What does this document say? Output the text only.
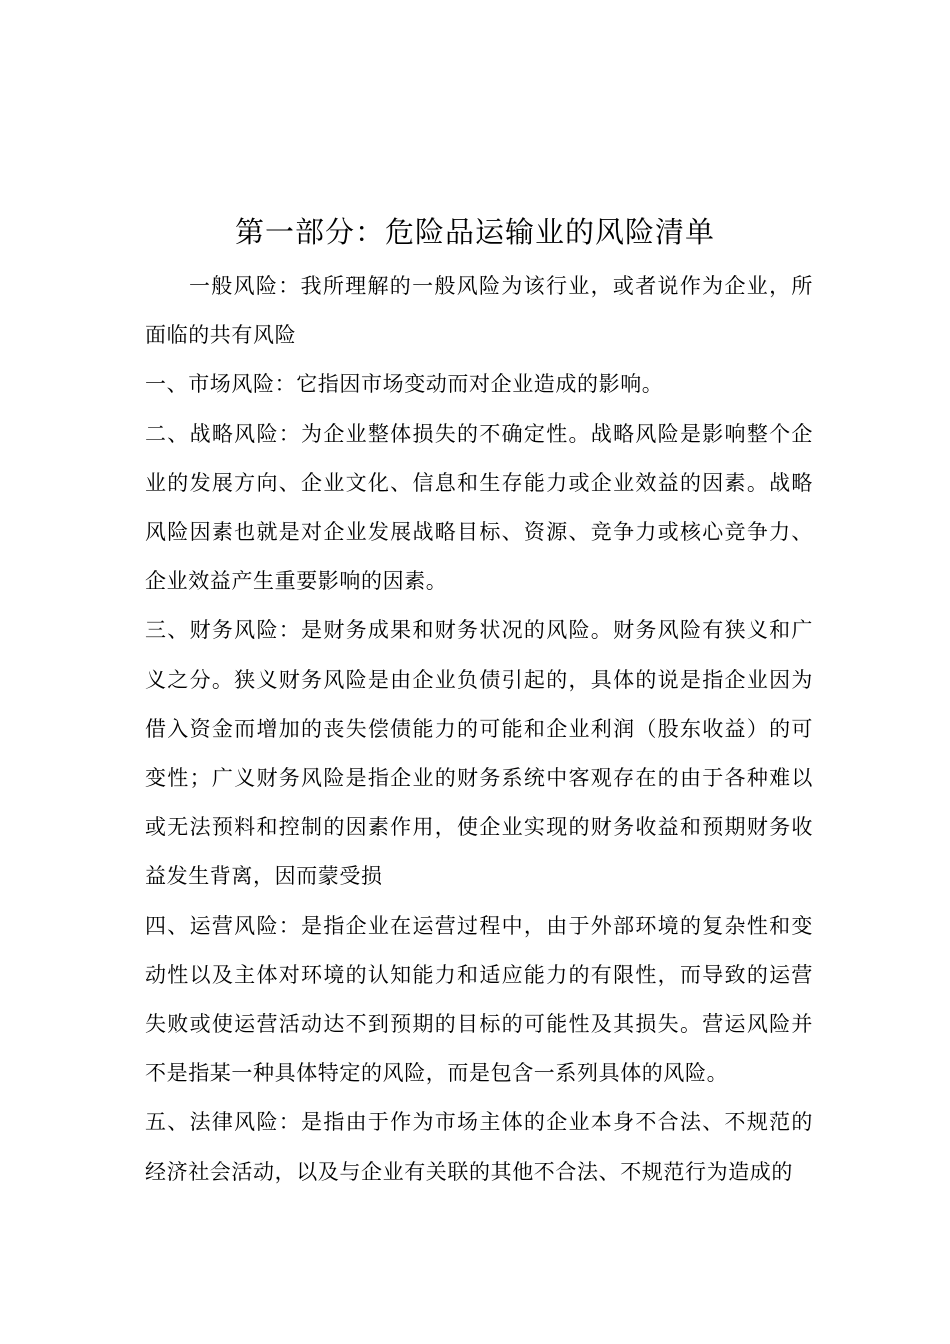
第一部分：危险品运输业的风险清单

一般风险：我所理解的一般风险为该行业，或者说作为企业，所面临的共有风险

一、市场风险：它指因市场变动而对企业造成的影响。

二、战略风险：为企业整体损失的不确定性。战略风险是影响整个企业的发展方向、企业文化、信息和生存能力或企业效益的因素。战略风险因素也就是对企业发展战略目标、资源、竞争力或核心竞争力、企业效益产生重要影响的因素。

三、财务风险：是财务成果和财务状况的风险。财务风险有狭义和广义之分。狭义财务风险是由企业负债引起的，具体的说是指企业因为借入资金而增加的丧失偿债能力的可能和企业利润（股东收益）的可变性；广义财务风险是指企业的财务系统中客观存在的由于各种难以或无法预料和控制的因素作用，使企业实现的财务收益和预期财务收益发生背离，因而蒙受损

四、运营风险：是指企业在运营过程中，由于外部环境的复杂性和变动性以及主体对环境的认知能力和适应能力的有限性，而导致的运营失败或使运营活动达不到预期的目标的可能性及其损失。营运风险并不是指某一种具体特定的风险，而是包含一系列具体的风险。

五、法律风险：是指由于作为市场主体的企业本身不合法、不规范的经济社会活动，以及与企业有关联的其他不合法、不规范行为造成的
